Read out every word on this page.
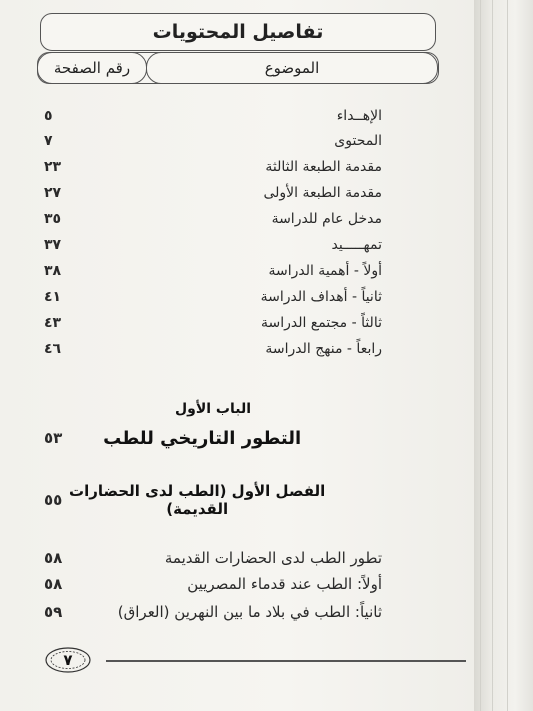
تفاصيل المحتويات
رقم الصفحة	الموضوع
الإهــداء
٥
المحتوى
٧
مقدمة الطبعة الثالثة
٢٣
مقدمة الطبعة الأولى
٢٧
مدخل عام للدراسة
٣٥
تمهـــــيد
٣٧
أولاً - أهمية الدراسة
٣٨
ثانياً - أهداف الدراسة
٤١
ثالثاً - مجتمع الدراسة
٤٣
رابعاً - منهج الدراسة
٤٦
الباب الأول
التطور التاريخي للطب
٥٣
الفصل الأول (الطب لدى الحضارات القديمة)
٥٥
تطور الطب لدى الحضارات القديمة
٥٨
أولاً: الطب عند قدماء المصريين
٥٨
ثانياً: الطب في بلاد ما بين النهرين (العراق)
٥٩
٧
